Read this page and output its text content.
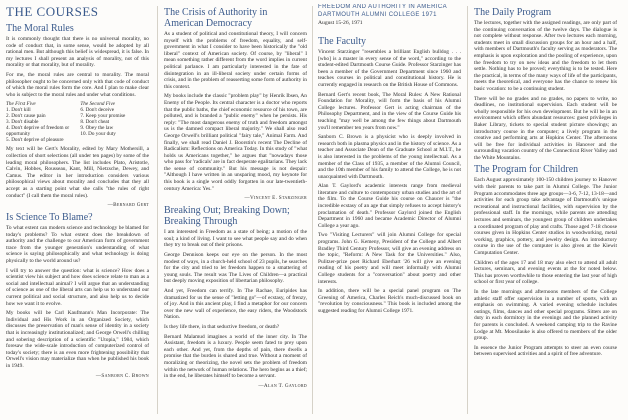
THE COURSES
The Moral Rules

It is commonly thought that there is no universal morality, no code of conduct that, in some sense, would be adopted by all rational men. But although this belief is widespread, it is false. In my lectures I shall present an analysis of morality, not of this morality or that morality, but of morality.

For me, the moral rules are central to morality. The moral philosopher ought to be concerned only with that code of conduct of which the moral rules form the core. And I plan to make clear who is subject to the moral rules and under what conditions.

The First Five
1. Don't kill
2. Don't cause pain
3. Don't disable
4. Don't deprive of freedom or opportunity
5. Don't deprive of pleasure
The Second Five
6. Don't deceive
7. Keep your promise
8. Don't cheat
9. Obey the law
10. Do your duty

My text will be Gert's Morality, edited by Mary Mothersill, a collection of short selections (all under ten pages) by some of the leading moral philosophers. The list includes Plato, Aristotle, Calvin, Hobbes, Rousseau, Kant, Mill, Nietzsche, Dewey, and Camus. The editor in her introduction considers various philosophical views about morality and concludes that they all accept as a starting point what she calls "the rules of right conduct" (I call them the moral rules).

—Bernard Gert
Is Science To Blame?

To what extent can modern science and technology be blamed for today's problems? To what extent does the breakdown of authority and the challenge to our American form of government trace from the younger generation's understanding of what science is saying philosophically and what technology is doing physically to the world around us?

I will try to answer the question: what is science? How does a scientist view his subject and how does science relate to man as a social and intellectual animal? I will argue that an understanding of science as one of the liberal arts can help us to understand our current political and social structure, and also help us to decide how we want it to evolve.

My books will be Carl Kaufmann's Man Incorporate: The Individual and His Work in an Organized Society, which discusses the preservation of man's sense of identity in a society that is increasingly institutionalized; and George Orwell's chilling and sobering description of a scientific "Utopia," 1984, which foresaw the wide-scale introduction of computerized control of today's society; there is an even more frightening possibility that Orwell's vision may materialize than when he published his book in 1949.

—Sanborn C. Brown
The Crisis of Authority in American Democracy

As a student of political and constitutional theory, I will concern myself with the problems of freedom, equality, and self-government in what I consider to have been historically the "old liberal" context of American society. Of course, by "liberal" I mean something rather different from the word implies in current political parlance. I am particularly interested in the fate of disintegration in an ill-liberal society under certain forms of crisis, and in the problem of reasserting some form of authority in this context.

My books include the classic "problem play" by Henrik Ibsen, An Enemy of the People. Its central character is a doctor who reports that the public baths, the chief economic resource of his town, are polluted, and is branded a "public enemy" when he persists. His reply: "The most dangerous enemy of truth and freedom amongst us is the damned compact liberal majority." We shall also read George Orwell's brilliant political "fairy tale," Animal Farm. And finally, we shall read Daniel J. Boorstin's recent The Decline of Radicalism: Reflections on America Today. In this study of "what holds us Americans together," he argues that "nowadays those who pass for 'radicals' are in fact desperate egalitarians. They lack the sense of community." But his message is not despair: "Although I have written in an unsparing mood, my keynote for this book is a single word oddly forgotten in our late-twentieth-century America: Yes."

—Vincent E. Starzinger
Breaking Out; Breaking Down; Breaking Through

I am interested in Freedom as a state of being; a motion of the soul; a kind of living. I want to see what people say and do when they try to break out of their prisons.

George Dennison keeps our eye on the person. In the most modest of ways, in a church-held school of 23 pupils, he searches for the city and tried to let freedom happen to a smattering of young souls. The result was The Lives of Children—a practical but deeply moving exposition of libertarian philosophy.

And yet, Freedom can terrify. In The Rachae, Euripides has dramatized for us the sense of "letting go"—of ecstasy, of frenzy, of joy. And in this ancient play, I find a metaphor for our concern over the new wall of experience, the easy riders, the Woodstock Nation.

Is they life there, in that seductive freedom, or death?

Bernard Malamud imagines a world of the inner city. In The Assistant, freedom is a luxury. People seem fated to prey upon each other. And yet, from the depths of pain, there dwells a promise that the burden is shared and true. Without a moment of moralizing or theorizing, the novel sets the problem of freedom within the network of human relations. The hero begins as a thief; in the end, he liberates himself to become a servant.

—Alan T. Gaylord
FREEDOM AND AUTHORITY IN AMERICA
DARTMOUTH ALUMNI COLLEGE 1971
August 15-26, 1971
The Faculty

Vincent Starzinger "resembles a brilliant English bulldog . . . [who] is a master in every sense of the word," according to the student-edited Dartmouth Course Guide. Professor Starzinger has been a member of the Government Department since 1960 and teaches courses in political and constitutional history. He is currently engaged in research on the British House of Commons.

Bernard Gert's recent book, The Moral Rules: A New Rational Foundation for Morality, will form the basis of his Alumni College lectures. Professor Gert is acting chairman of the Philosophy Department, and in the view of the Course Guide his teaching "may well be among the few things about Dartmouth you'll remember ten years from now."

Sanborn C. Brown is a physicist who is deeply involved in research both in plasma physics and in the history of science. As a teacher and Associate Dean of the Graduate School at M.I.T., he is also interested in the problems of the young intellectual. As a member of the Class of 1935, a member of the Alumni Council, and the 10th member of his family to attend the College, he is not unacquainted with Dartmouth.

Alan T. Gaylord's academic interests range from medieval literature and culture to contemporary urban studies and the art of the film. To the Course Guide his course on Chaucer is "the incredible ecstasy of an age that simply refuses to accept history's proclamation of death." Professor Gaylord joined the English Department in 1960 and became Academic Director of Alumni College a year ago.

Two "Visiting Lecturers" will join Alumni College for special programs. John G. Kemeny, President of the College and Albert Bradley Third Century Professor, will give an evening address on the topic, "Reform: A New Task for the Universities." Also, Pulitzer-prize poet Richard Eberhart '26 will give an evening reading of his poetry and will meet informally with Alumni College students for a "conversation" about poetry and other interests.

In addition, there will be a special panel program on The Greening of America, Charles Reich's much-discussed book on "revolution by consciousness." This book is included among the suggested reading for Alumni College 1971.

The Daily Program

The lectures, together with the assigned readings, are only part of the continuing conversation of the twelve days. The dialogue is not complete without response. After two lectures each morning, students meet in small discussion groups for an hour and a half, with members of Dartmouth's faculty serving as moderators. The emphasis is upon exploration and the pooling of experience, upon the freedom to try on new ideas and the freedom to let them settle. Nothing has to be proved; everything is to be tested. Here the practical, in terms of the many ways of life of the participants, meets the theoretical, and everyone has the chance to renew his basic vocation: to be a continuing student.

There will be no grades and no grades, no papers to write, no deadlines, no institutional supervision. Each student will be wholly responsible for his own development. But he will be in an environment which offers abundant resources: guest privileges in Baker Library, tickets to special student picture showings; an introductory course in the computer; a lively program in the creative and performing arts at Hopkins Center. The afternoons will be free for individual activities in Hanover and the surrounding vacation country of the Connecticut River Valley and the White Mountains.

The Program for Children

Each August approximately 100-150 children journey to Hanover with their parents to take part in Alumni College. The Junior Program accommodates three age groups—3-6, 7-12, 13-18—and activities for each group take advantage of Dartmouth's unique recreational and instructional facilities, with supervision by the professional staff. In the mornings, while parents are attending lectures and seminars, the youngest group of children undertakes a coordinated program of play and crafts. Those aged 7-18 choose courses given in Hopkins Center studios in woodworking, metal working, graphics, pottery, and jewelry design. An introductory course in the use of the computer is also given at the Kiewit Computation Center.

Children of the ages 17 and 18 may also elect to attend all adult lectures, seminars, and evening events at the for noted below. This has proven worthwhile to those entering the last year of high school or first year of college.

In the late mornings and afternoons members of the College athletic staff offer supervision in a number of sports, with an emphasis on swimming. A varied evening schedule includes outings, films, dances and other special programs. Sitters are on duty in each dormitory in the evenings and the planned activity for parents is concluded. A weekend camping trip to the Ravine Lodge at Mt. Moosilauke is also offered to members of the older group.

In essence the Junior Program attempts to steer an even course between supervised activities and a spirit of free adventure.
